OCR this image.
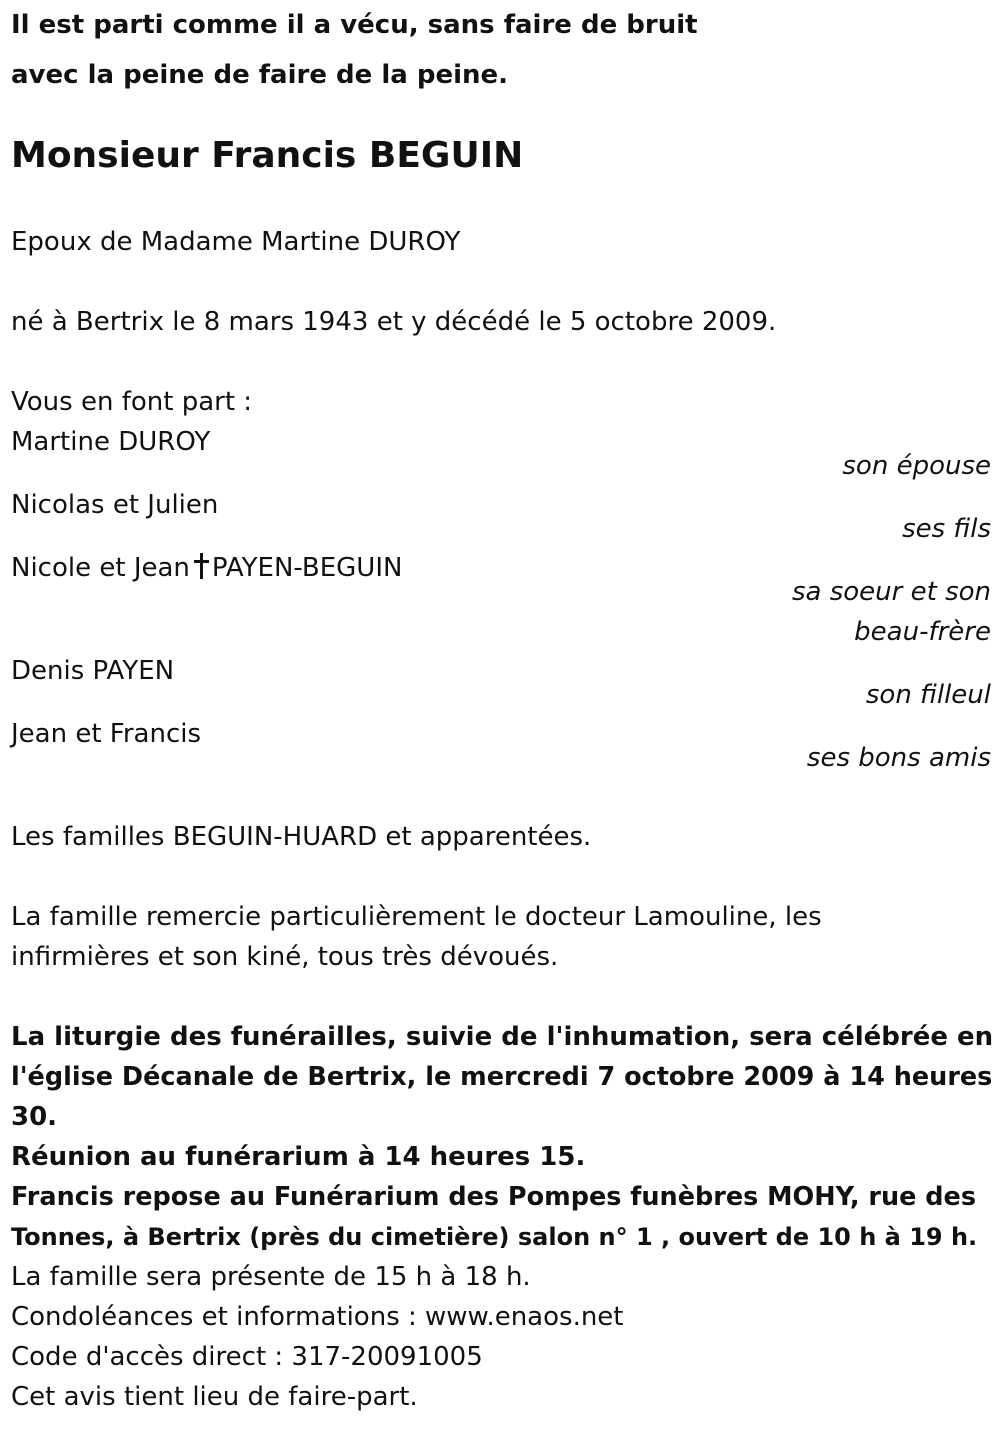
Il est parti comme il a vécu, sans faire de bruit
avec la peine de faire de la peine.
Monsieur Francis BEGUIN
Epoux de Madame Martine DUROY
né à Bertrix le 8 mars 1943 et y décédé le 5 octobre 2009.
Vous en font part :
Martine DUROY
son épouse
Nicolas et Julien
ses fils
Nicole et Jean PAYEN-BEGUIN
sa soeur et son
beau-frère
Denis PAYEN
son filleul
Jean et Francis
ses bons amis
Les familles BEGUIN-HUARD et apparentées.
La famille remercie particulièrement le docteur Lamouline, les
infirmières et son kiné, tous très dévoués.
La liturgie des funérailles, suivie de l'inhumation, sera célébrée en
l'église Décanale de Bertrix, le mercredi 7 octobre 2009 à 14 heures
30.
Réunion au funérarium à 14 heures 15.
Francis repose au Funérarium des Pompes funèbres MOHY, rue des
Tonnes, à Bertrix (près du cimetière) salon n° 1 , ouvert de 10 h à 19 h.
La famille sera présente de 15 h à 18 h.
Condoléances et informations : www.enaos.net
Code d'accès direct : 317-20091005
Cet avis tient lieu de faire-part.
